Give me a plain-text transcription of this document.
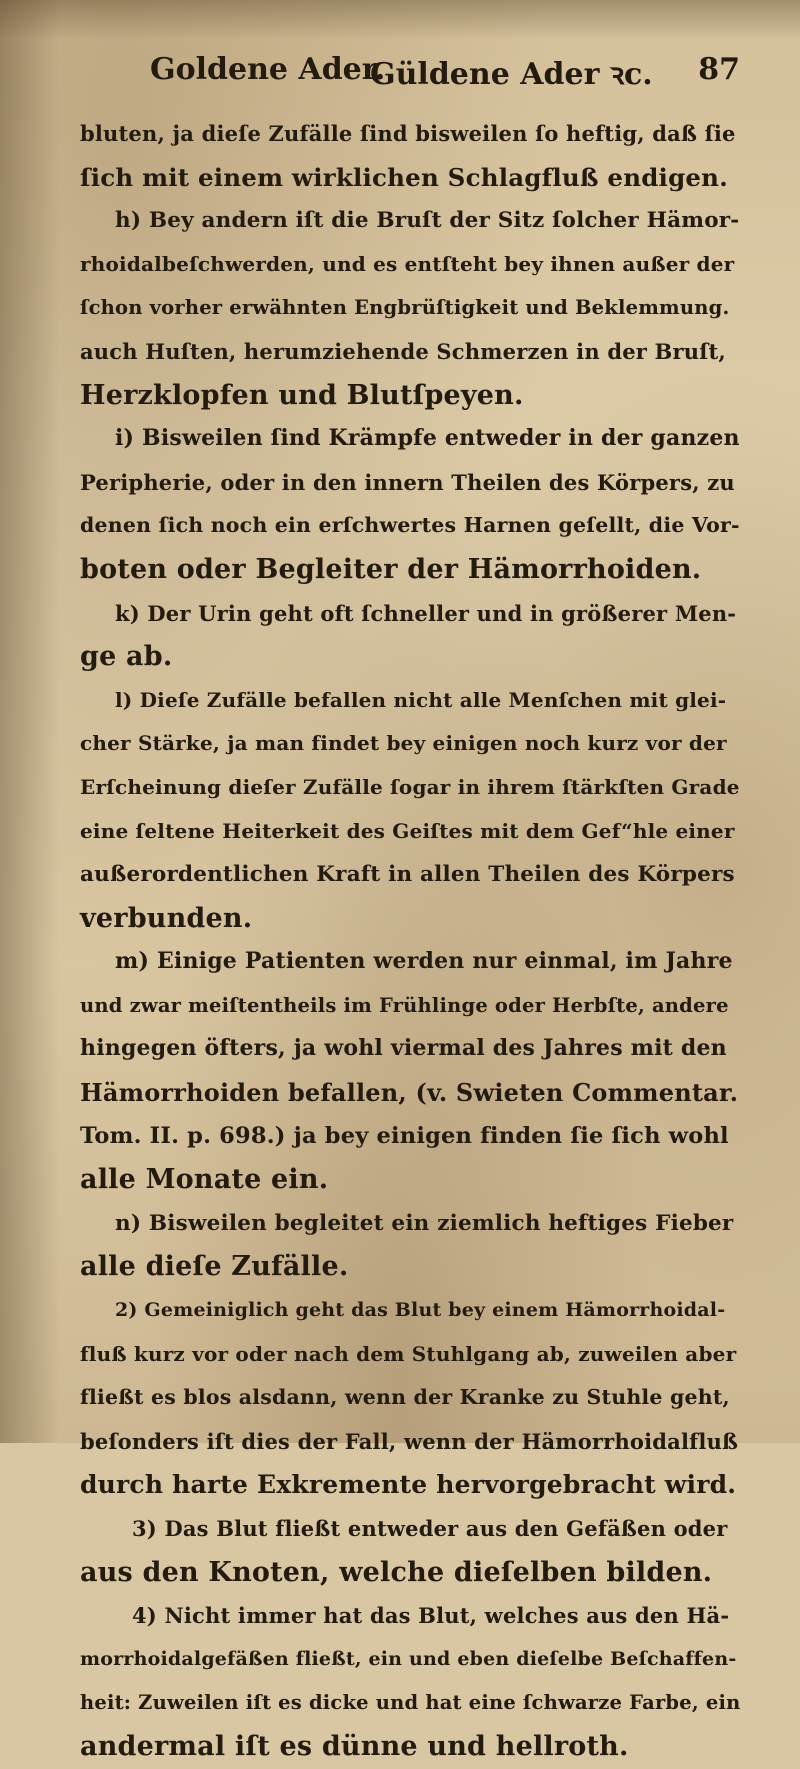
Goldene Ader.
Güldene Ader ꝛc. 87
bluten, ja dieſe Zufälle ſind bisweilen ſo heftig, daß ſie
ſich mit einem wirklichen Schlagfluß endigen.
h) Bey andern iſt die Bruſt der Sitz ſolcher Hämor-
rhoidalbeſchwerden, und es entſteht bey ihnen außer der
ſchon vorher erwähnten Engbrüſtigkeit und Beklemmung.
auch Huſten, herumziehende Schmerzen in der Bruſt,
Herzklopfen und Blutſpeyen.
i) Bisweilen ſind Krämpfe entweder in der ganzen
Peripherie, oder in den innern Theilen des Körpers, zu
denen ſich noch ein erſchwertes Harnen geſellt, die Vor-
boten oder Begleiter der Hämorrhoiden.
k) Der Urin geht oft ſchneller und in größerer Men-
ge ab.
l) Dieſe Zufälle befallen nicht alle Menſchen mit glei-
cher Stärke, ja man findet bey einigen noch kurz vor der
Erſcheinung dieſer Zufälle ſogar in ihrem ſtärkſten Grade
eine ſeltene Heiterkeit des Geiſtes mit dem Gef“hle einer
außerordentlichen Kraft in allen Theilen des Körpers
verbunden.
m) Einige Patienten werden nur einmal, im Jahre
und zwar meiſtentheils im Frühlinge oder Herbſte, andere
hingegen öfters, ja wohl viermal des Jahres mit den
Hämorrhoiden befallen, (v. Swieten Commentar.
Tom. II. p. 698.) ja bey einigen finden ſie ſich wohl
alle Monate ein.
n) Bisweilen begleitet ein ziemlich heftiges Fieber
alle dieſe Zufälle.
2) Gemeiniglich geht das Blut bey einem Hämorrhoidal-
fluß kurz vor oder nach dem Stuhlgang ab, zuweilen aber
fließt es blos alsdann, wenn der Kranke zu Stuhle geht,
beſonders iſt dies der Fall, wenn der Hämorrhoidalfluß
durch harte Exkremente hervorgebracht wird.
3) Das Blut fließt entweder aus den Gefäßen oder
aus den Knoten, welche dieſelben bilden.
4) Nicht immer hat das Blut, welches aus den Hä-
morrhoidalgefäßen fließt, ein und eben dieſelbe Beſchaffen-
heit: Zuweilen iſt es dicke und hat eine ſchwarze Farbe, ein
andermal iſt es dünne und hellroth.
